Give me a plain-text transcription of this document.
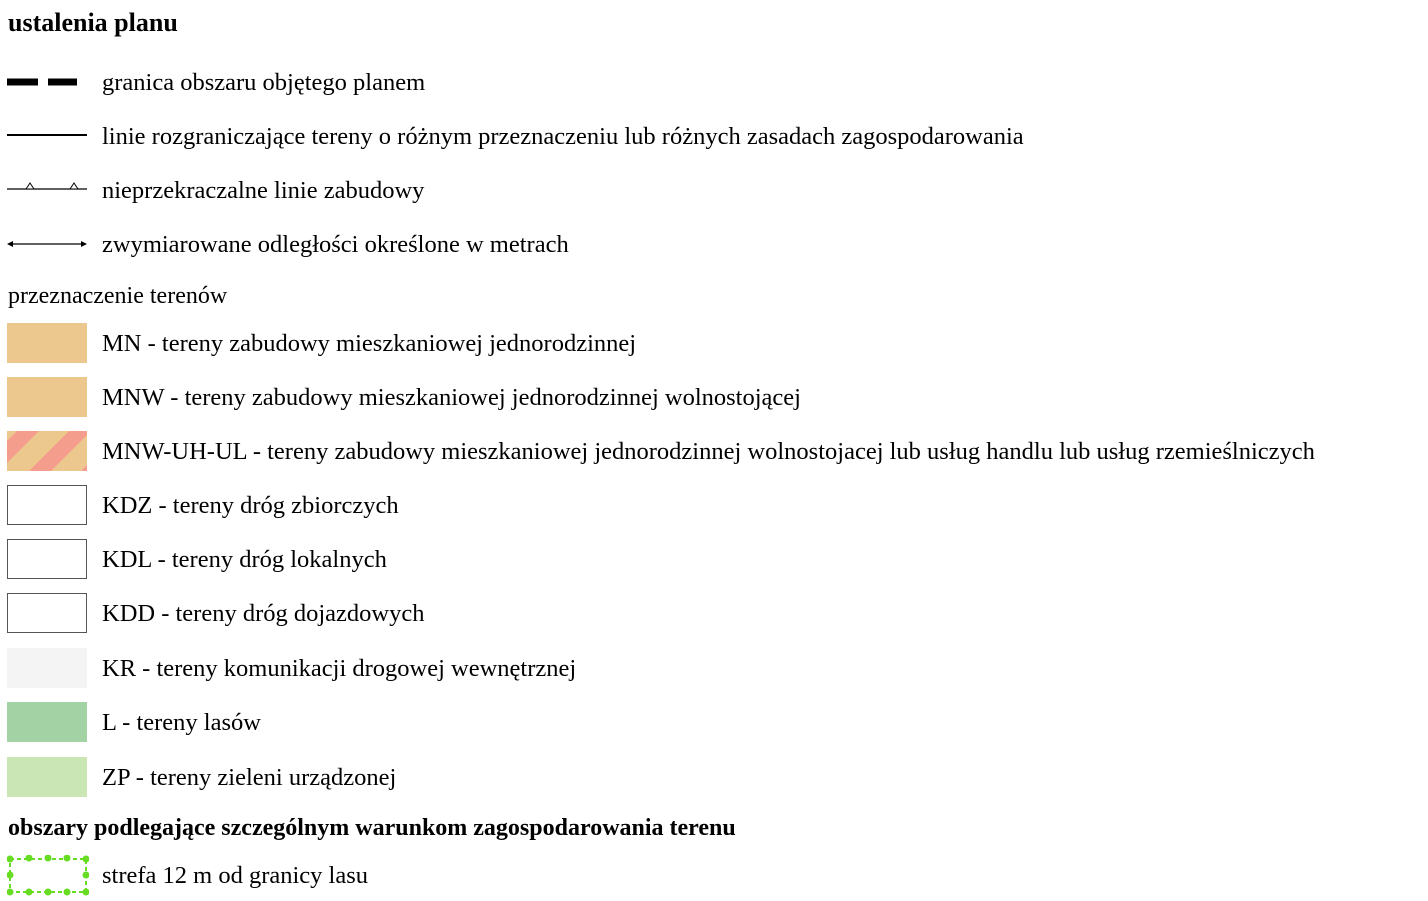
ustalenia planu
granica obszaru objętego planem
linie rozgraniczające tereny o różnym przeznaczeniu lub różnych zasadach zagospodarowania
nieprzekraczalne linie zabudowy
zwymiarowane odległości określone w metrach
przeznaczenie terenów
MN - tereny zabudowy mieszkaniowej jednorodzinnej
MNW - tereny zabudowy mieszkaniowej jednorodzinnej wolnostojącej
MNW-UH-UL - tereny zabudowy mieszkaniowej jednorodzinnej wolnostojacej lub usług handlu lub usług rzemieślniczych
KDZ - tereny dróg zbiorczych
KDL - tereny dróg lokalnych
KDD - tereny dróg dojazdowych
KR - tereny komunikacji drogowej wewnętrznej
L - tereny lasów
ZP - tereny zieleni urządzonej
obszary podlegające szczególnym warunkom zagospodarowania terenu
strefa 12 m od granicy lasu
